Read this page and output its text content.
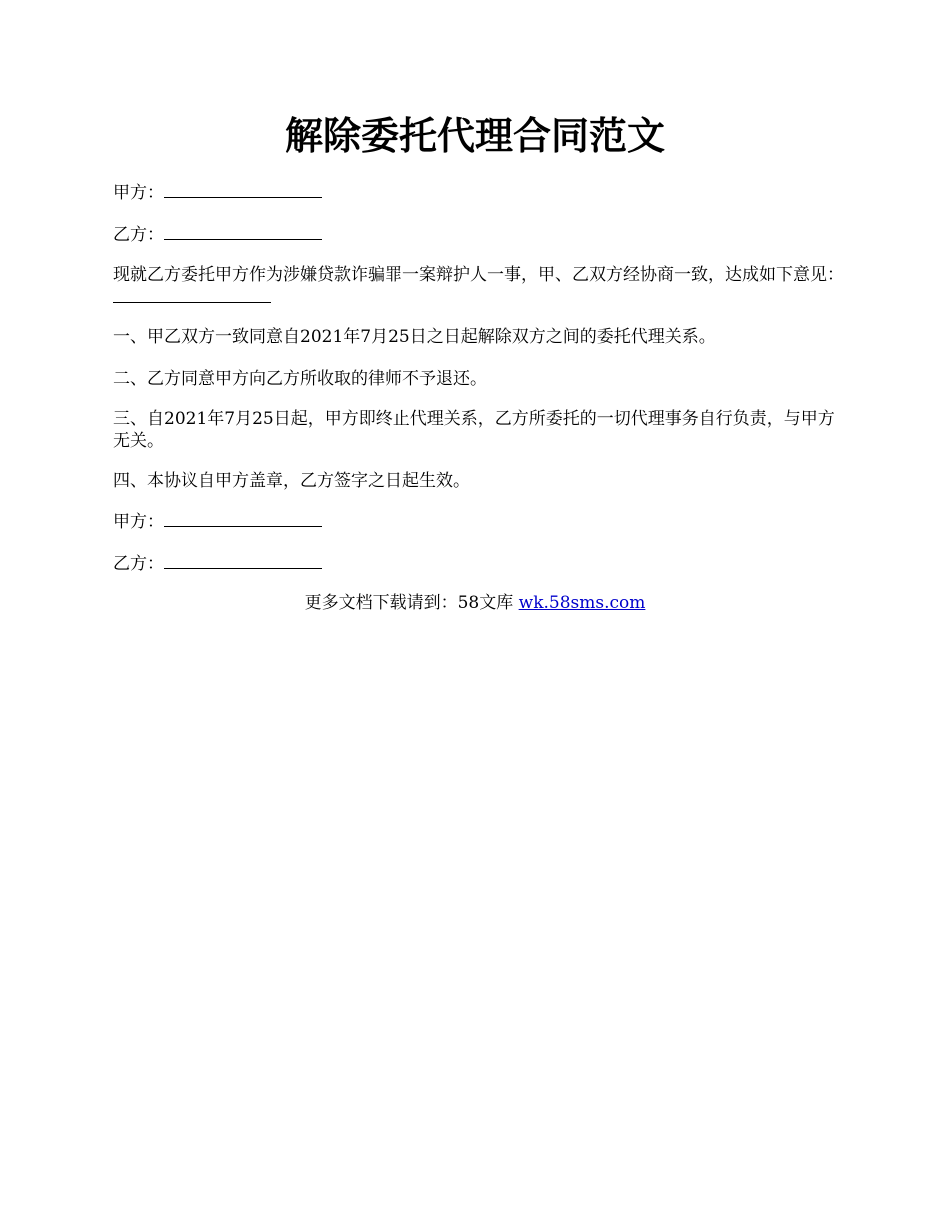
解除委托代理合同范文

甲方：

乙方：

现就乙方委托甲方作为涉嫌贷款诈骗罪一案辩护人一事，甲、乙双方经协商一致，达成如下意见：

一、甲乙双方一致同意自2021年7月25日之日起解除双方之间的委托代理关系。

二、乙方同意甲方向乙方所收取的律师不予退还。

三、自2021年7月25日起，甲方即终止代理关系，乙方所委托的一切代理事务自行负责，与甲方无关。

四、本协议自甲方盖章，乙方签字之日起生效。

甲方：

乙方：

更多文档下载请到：58文库 wk.58sms.com
